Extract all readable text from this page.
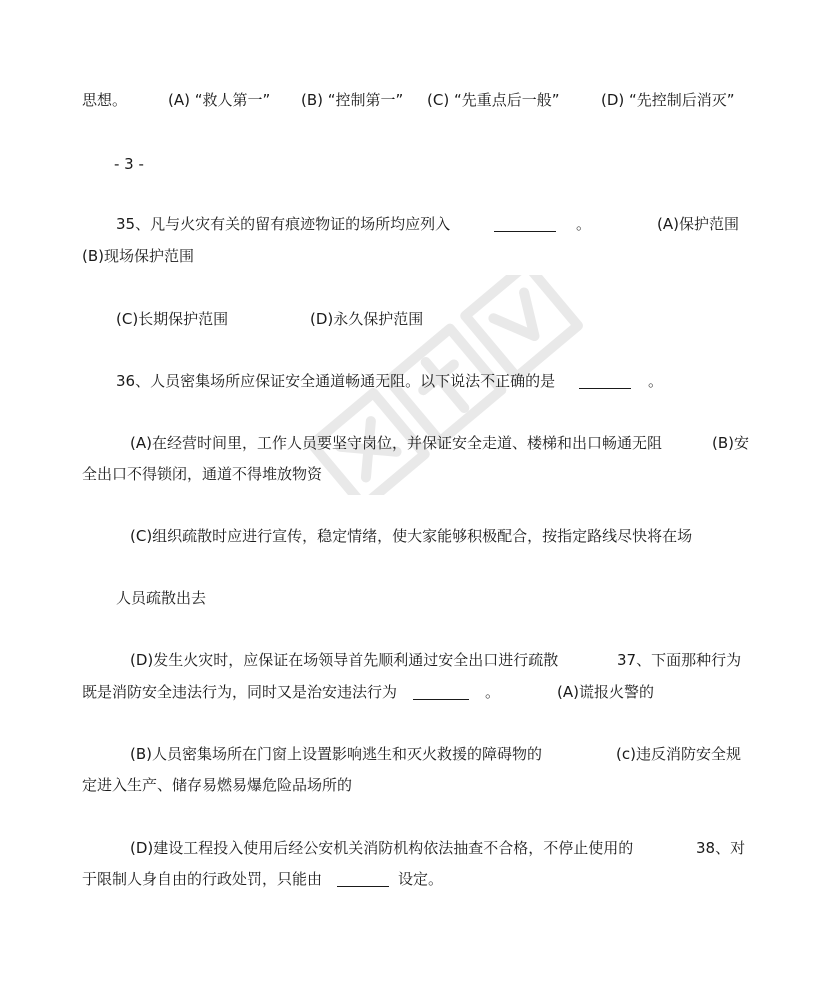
思想。	(A) “救人第一” (B) “控制第一” (C) “先重点后一般”	(D) “先控制后消灭”
- 3 -
35、凡与火灾有关的留有痕迹物证的场所均应列入	。	(A)保护范围
(B)现场保护范围
(C)长期保护范围	(D)永久保护范围
36、人员密集场所应保证安全通道畅通无阻。以下说法不正确的是	。
(A)在经营时间里，工作人员要坚守岗位，并保证安全走道、楼梯和出口畅通无阻	(B)安
全出口不得锁闭，通道不得堆放物资
(C)组织疏散时应进行宣传，稳定情绪，使大家能够积极配合，按指定路线尽快将在场
人员疏散出去
(D)发生火灾时，应保证在场领导首先顺利通过安全出口进行疏散	37、下面那种行为
既是消防安全违法行为，同时又是治安违法行为	。	(A)谎报火警的
(B)人员密集场所在门窗上设置影响逃生和灭火救援的障碍物的	(c)违反消防安全规
定进入生产、储存易燃易爆危险品场所的
(D)建设工程投入使用后经公安机关消防机构依法抽查不合格，不停止使用的	38、对
于限制人身自由的行政处罚，只能由	设定。
